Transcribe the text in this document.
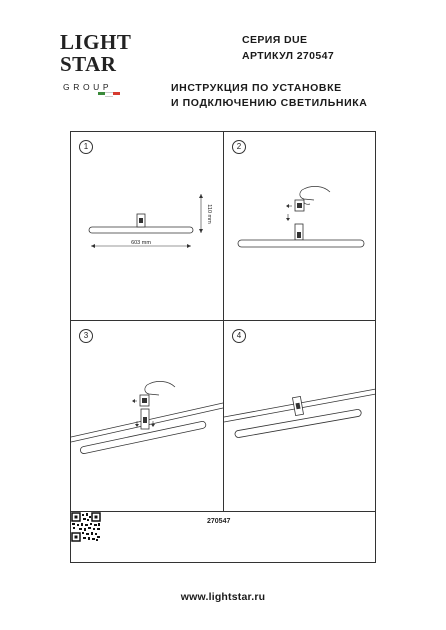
LIGHT
STAR
GROUP
СЕРИЯ DUE
АРТИКУЛ 270547
ИНСТРУКЦИЯ ПО УСТАНОВКЕ
И ПОДКЛЮЧЕНИЮ СВЕТИЛЬНИКА
1
603 mm
110 mm
2
3	4
270547
www.lightstar.ru
